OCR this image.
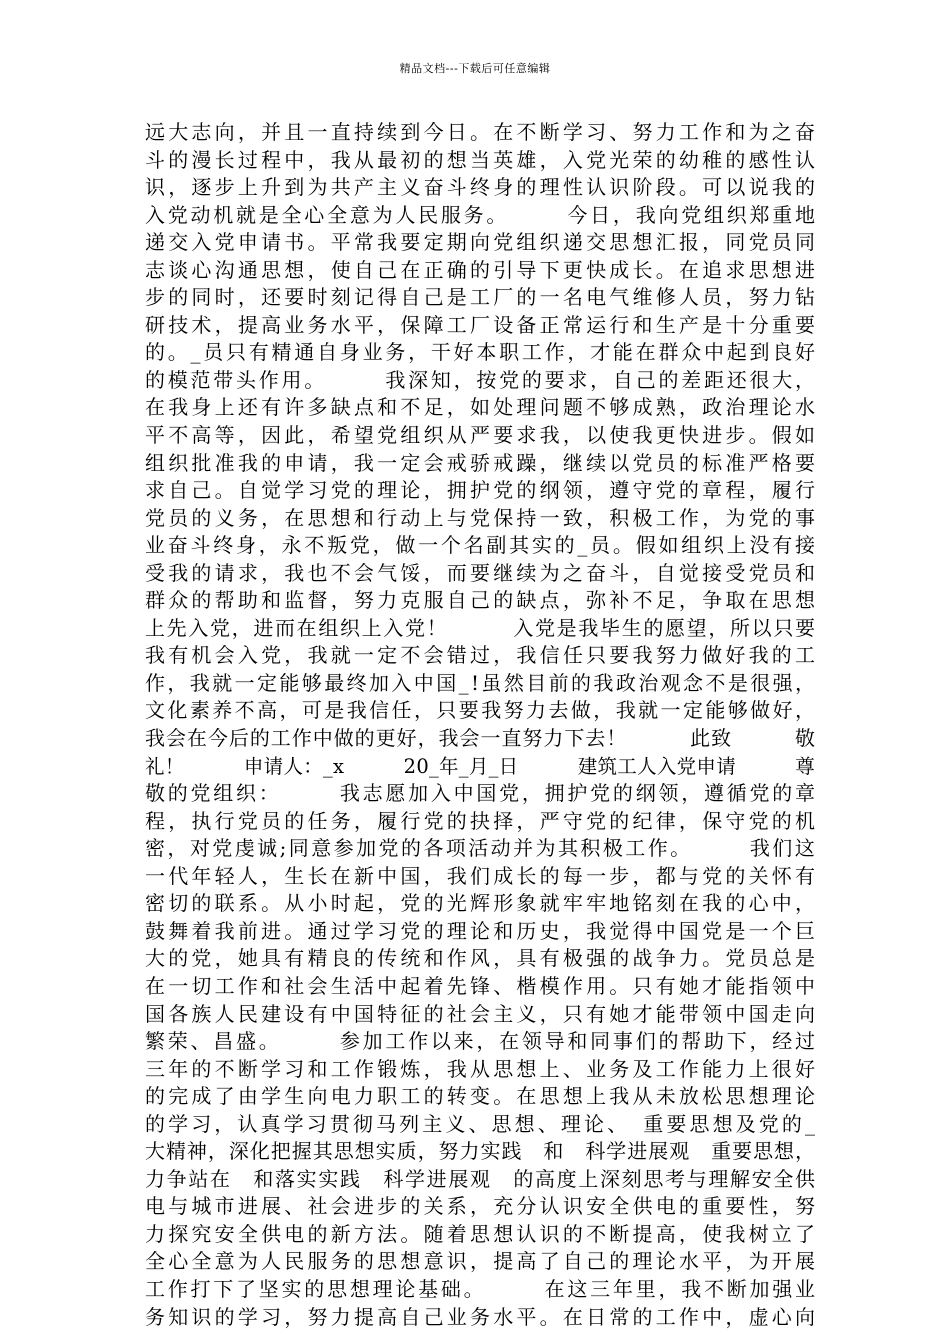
精品文档---下载后可任意编辑
远大志向，并且一直持续到今日。在不断学习、努力工作和为之奋
斗的漫长过程中，我从最初的想当英雄，入党光荣的幼稚的感性认
识，逐步上升到为共产主义奋斗终身的理性认识阶段。可以说我的
入党动机就是全心全意为人民服务。　　　今日，我向党组织郑重地
递交入党申请书。平常我要定期向党组织递交思想汇报，同党员同
志谈心沟通思想，使自己在正确的引导下更快成长。在追求思想进
步的同时，还要时刻记得自己是工厂的一名电气维修人员，努力钻
研技术，提高业务水平，保障工厂设备正常运行和生产是十分重要
的。_员只有精通自身业务，干好本职工作，才能在群众中起到良好
的模范带头作用。　　　我深知，按党的要求，自己的差距还很大，
在我身上还有许多缺点和不足，如处理问题不够成熟，政治理论水
平不高等，因此，希望党组织从严要求我，以使我更快进步。假如
组织批准我的申请，我一定会戒骄戒躁，继续以党员的标准严格要
求自己。自觉学习党的理论，拥护党的纲领，遵守党的章程，履行
党员的义务，在思想和行动上与党保持一致，积极工作，为党的事
业奋斗终身，永不叛党，做一个名副其实的_员。假如组织上没有接
受我的请求，我也不会气馁，而要继续为之奋斗，自觉接受党员和
群众的帮助和监督，努力克服自己的缺点，弥补不足，争取在思想
上先入党，进而在组织上入党！　　　入党是我毕生的愿望，所以只要
我有机会入党，我就一定不会错过，我信任只要我努力做好我的工
作，我就一定能够最终加入中国_!虽然目前的我政治观念不是很强，
文化素养不高，可是我信任，只要我努力去做，我就一定能够做好，
我会在今后的工作中做的更好，我会一直努力下去！　　　此致　　　敬
礼！　　　申请人：_x　　　20_年_月_日　　　建筑工人入党申请　　　尊
敬的党组织：　　　我志愿加入中国党，拥护党的纲领，遵循党的章
程，执行党员的任务，履行党的抉择，严守党的纪律，保守党的机
密，对党虔诚;同意参加党的各项活动并为其积极工作。　　　我们这
一代年轻人，生长在新中国，我们成长的每一步，都与党的关怀有
密切的联系。从小时起，党的光辉形象就牢牢地铭刻在我的心中，
鼓舞着我前进。通过学习党的理论和历史，我觉得中国党是一个巨
大的党，她具有精良的传统和作风，具有极强的战争力。党员总是
在一切工作和社会生活中起着先锋、楷模作用。只有她才能指领中
国各族人民建设有中国特征的社会主义，只有她才能带领中国走向
繁荣、昌盛。　　　参加工作以来，在领导和同事们的帮助下，经过
三年的不断学习和工作锻炼，我从思想上、业务及工作能力上很好
的完成了由学生向电力职工的转变。在思想上我从未放松思想理论
的学习，认真学习贯彻马列主义、思想、理论、　重要思想及党的_
大精神，深化把握其思想实质，努力实践　和　科学进展观　重要思想，
力争站在　和落实实践　科学进展观　的高度上深刻思考与理解安全供
电与城市进展、社会进步的关系，充分认识安全供电的重要性，努
力探究安全供电的新方法。随着思想认识的不断提高，使我树立了
全心全意为人民服务的思想意识，提高了自己的理论水平，为开展
工作打下了坚实的思想理论基础。　　　在这三年里，我不断加强业
务知识的学习，努力提高自己业务水平。在日常的工作中，虚心向
